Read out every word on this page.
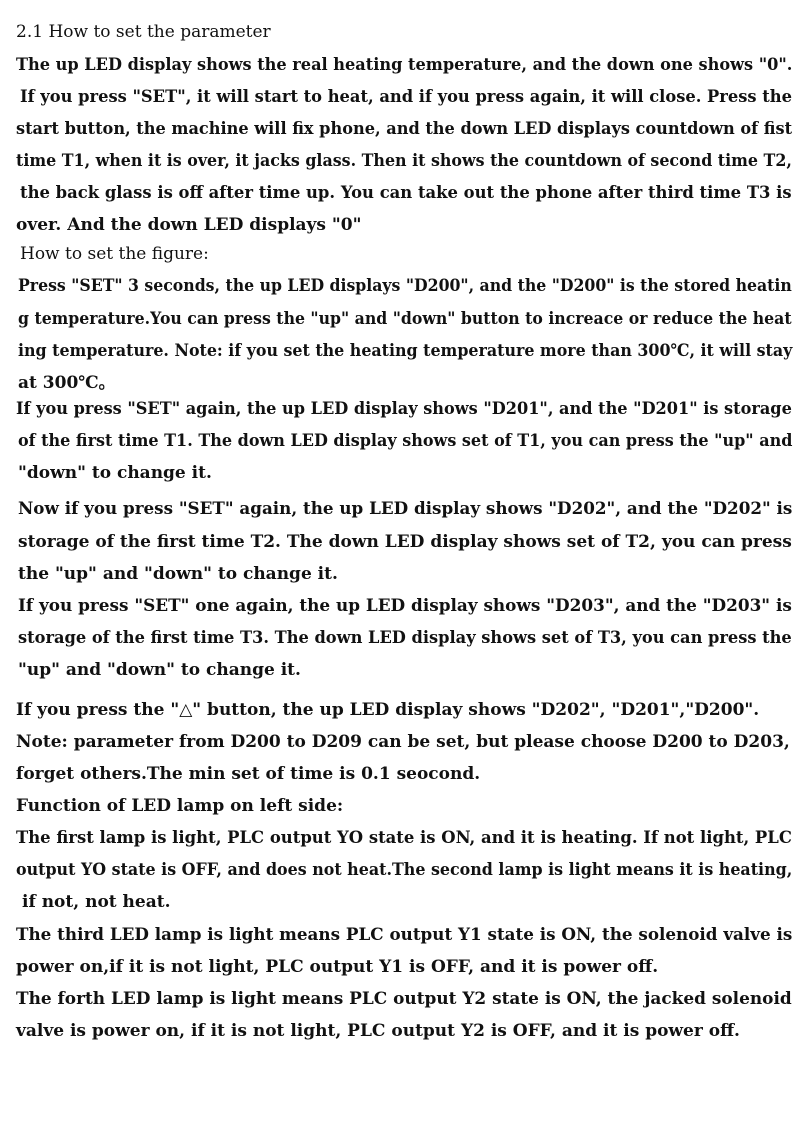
2.1 How to set the parameter
The up LED display shows the real heating temperature, and the down one shows "0".
If you press "SET", it will start to heat, and if you press again, it will close. Press the
start button, the machine will fix phone, and the down LED displays countdown of fist
time T1, when it is over, it jacks glass. Then it shows the countdown of second time T2,
the back glass is off after time up. You can take out the phone after third time T3 is
over. And the down LED displays "0"
How to set the figure:
Press "SET" 3 seconds, the up LED displays "D200", and the "D200" is the stored heatin
g temperature.You can press the "up" and "down" button to increace or reduce the heat
ing temperature. Note: if you set the heating temperature more than 300℃, it will stay
at 300℃。
If you press "SET" again, the up LED display shows "D201", and the "D201" is storage
of the first time T1. The down LED display shows set of T1, you can press the "up" and
"down" to change it.
Now if you press "SET" again, the up LED display shows "D202", and the "D202" is
storage of the first time T2. The down LED display shows set of T2, you can press
the "up" and "down" to change it.
If you press "SET" one again, the up LED display shows "D203", and the "D203" is
storage of the first time T3. The down LED display shows set of T3, you can press the
"up" and "down" to change it.
If you press the "△" button, the up LED display shows "D202", "D201","D200".
Note: parameter from D200 to D209 can be set, but please choose D200 to D203,
forget others.The min set of time is 0.1 seocond.
Function of LED lamp on left side:
The first lamp is light, PLC output YO state is ON, and it is heating. If not light, PLC
output YO state is OFF, and does not heat.The second lamp is light means it is heating,
if not, not heat.
The third LED lamp is light means PLC output Y1 state is ON, the solenoid valve is
power on,if it is not light, PLC output Y1 is OFF, and it is power off.
The forth LED lamp is light means PLC output Y2 state is ON, the jacked solenoid
valve is power on, if it is not light, PLC output Y2 is OFF, and it is power off.
